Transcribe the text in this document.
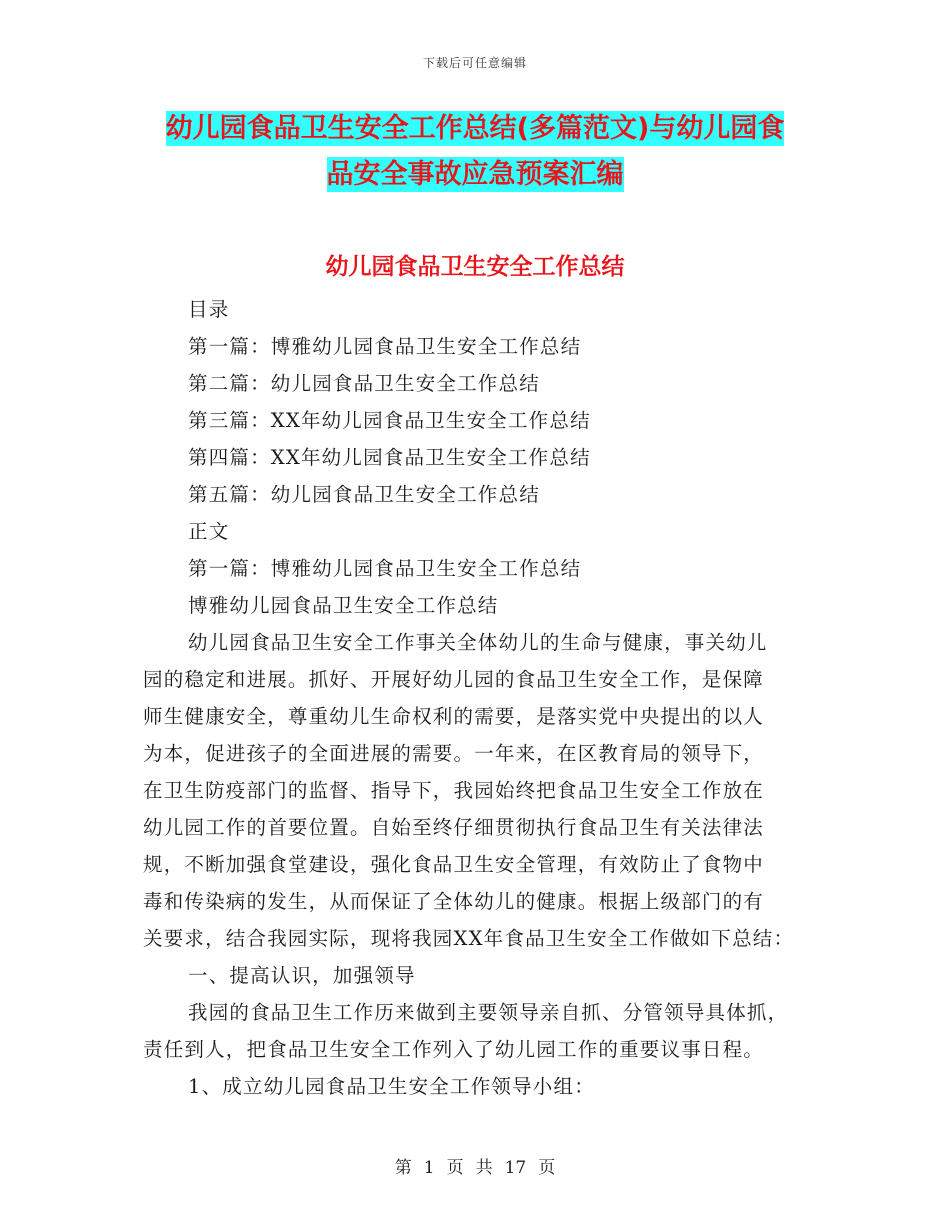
下载后可任意编辑
幼儿园食品卫生安全工作总结(多篇范文)与幼儿园食
品安全事故应急预案汇编
幼儿园食品卫生安全工作总结
目录
第一篇：博雅幼儿园食品卫生安全工作总结
第二篇：幼儿园食品卫生安全工作总结
第三篇：XX年幼儿园食品卫生安全工作总结
第四篇：XX年幼儿园食品卫生安全工作总结
第五篇：幼儿园食品卫生安全工作总结
正文
第一篇：博雅幼儿园食品卫生安全工作总结
博雅幼儿园食品卫生安全工作总结
幼儿园食品卫生安全工作事关全体幼儿的生命与健康，事关幼儿
园的稳定和进展。抓好、开展好幼儿园的食品卫生安全工作，是保障
师生健康安全，尊重幼儿生命权利的需要，是落实党中央提出的以人
为本，促进孩子的全面进展的需要。一年来，在区教育局的领导下，
在卫生防疫部门的监督、指导下，我园始终把食品卫生安全工作放在
幼儿园工作的首要位置。自始至终仔细贯彻执行食品卫生有关法律法
规，不断加强食堂建设，强化食品卫生安全管理，有效防止了食物中
毒和传染病的发生，从而保证了全体幼儿的健康。根据上级部门的有
关要求，结合我园实际，现将我园XX年食品卫生安全工作做如下总结：
一、提高认识，加强领导
我园的食品卫生工作历来做到主要领导亲自抓、分管领导具体抓，
责任到人，把食品卫生安全工作列入了幼儿园工作的重要议事日程。
1、成立幼儿园食品卫生安全工作领导小组：
第 1 页 共 17 页
